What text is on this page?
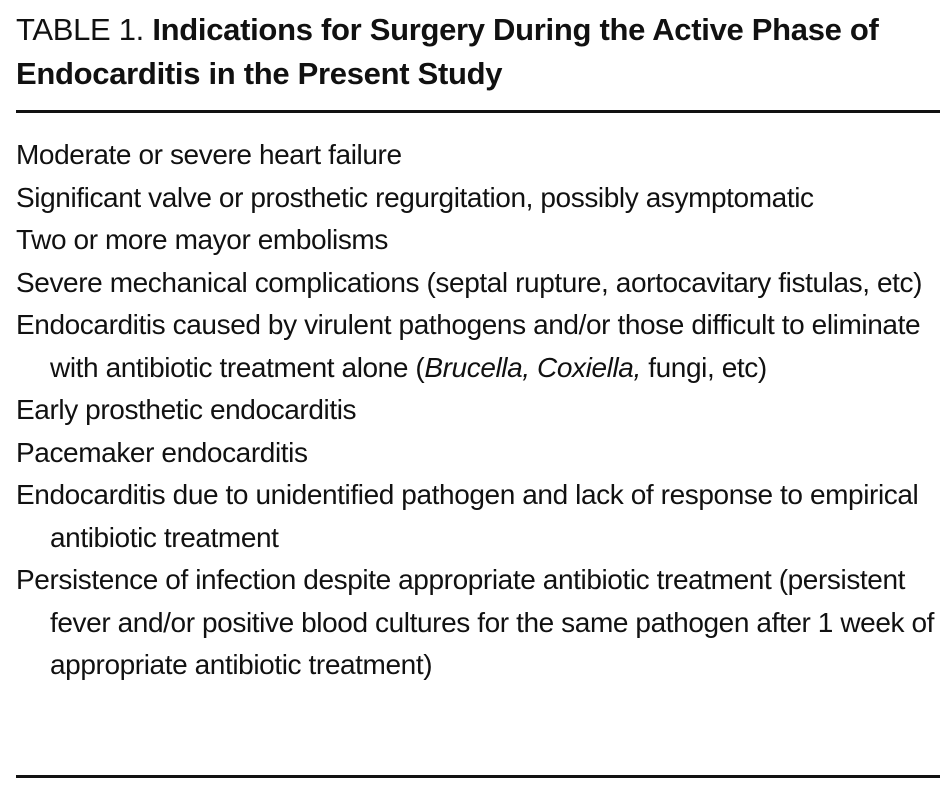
TABLE 1. Indications for Surgery During the Active Phase of Endocarditis in the Present Study
Moderate or severe heart failure
Significant valve or prosthetic regurgitation, possibly asymptomatic
Two or more mayor embolisms
Severe mechanical complications (septal rupture, aortocavitary fistulas, etc)
Endocarditis caused by virulent pathogens and/or those difficult to eliminate with antibiotic treatment alone (Brucella, Coxiella, fungi, etc)
Early prosthetic endocarditis
Pacemaker endocarditis
Endocarditis due to unidentified pathogen and lack of response to empirical antibiotic treatment
Persistence of infection despite appropriate antibiotic treatment (persistent fever and/or positive blood cultures for the same pathogen after 1 week of appropriate antibiotic treatment)
